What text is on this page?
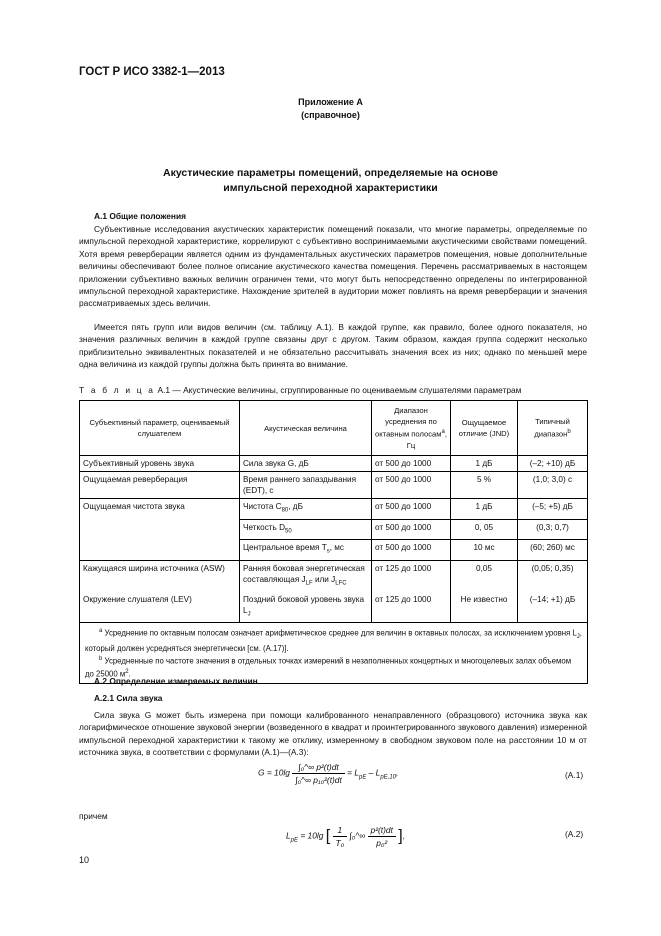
ГОСТ Р ИСО 3382-1—2013
Приложение А
(справочное)
Акустические параметры помещений, определяемые на основе
импульсной переходной характеристики
А.1 Общие положения
Субъективные исследования акустических характеристик помещений показали, что многие параметры, определяемые по импульсной переходной характеристике, коррелируют с субъективно воспринимаемыми акустическими свойствами помещений. Хотя время реверберации является одним из фундаментальных акустических параметров помещения, новые дополнительные величины обеспечивают более полное описание акустического качества помещения. Перечень рассматриваемых в настоящем приложении субъективно важных величин ограничен теми, что могут быть непосредственно определены по интегрированной импульсной переходной характеристике. Нахождение зрителей в аудитории может повлиять на время реверберации и значения рассматриваемых здесь величин.
Имеется пять групп или видов величин (см. таблицу А.1). В каждой группе, как правило, более одного показателя, но значения различных величин в каждой группе связаны друг с другом. Таким образом, каждая группа содержит несколько приблизительно эквивалентных показателей и не обязательно рассчитывать значения всех из них; однако по меньшей мере одна величина из каждой группы должна быть принята во внимание.
Т а б л и ц а А.1 — Акустические величины, сгруппированные по оцениваемым слушателями параметрам
Субъективный параметр, оцениваемый слушателем	Акустическая величина	Диапазон усреднения по октавным полосам$^а$, Гц	Ощущаемое отличие (JND)	Типичный диапазон$^b$
Субъективный уровень звука	Сила звука G, дБ	от 500 до 1000	1 дБ	(–2; +10) дБ
Ощущаемая реверберация	Время раннего запаздывания (EDT), с	от 500 до 1000	5 %	(1,0; 3,0) с
Ощущаемая чистота звука	Чистота $C_{80}$, дБ	от 500 до 1000	1 дБ	(–5; +5) дБ
	Четкость $D_{50}$	от 500 до 1000	0, 05	(0,3; 0,7)
	Центральное время $T_s$, мс	от 500 до 1000	10 мс	(60; 260) мс
Кажущаяся ширина источника (ASW)	Ранняя боковая энергетическая составляющая $J_{LF}$ или $J_{LFC}$	от 125 до 1000	0,05	(0,05; 0,35)
Окружение слушателя (LEV)	Поздний боковой уровень звука $L_J$	от 125 до 1000	Не известно	(–14; +1) дБ

$^а$ Усреднение по октавным полосам означает арифметическое среднее для величин в октавных полосах, за исключением уровня $L_J$, который должен усредняться энергетически [см. (А.17)].
$^b$ Усредненные по частоте значения в отдельных точках измерений в незаполненных концертных и многоцелевых залах объемом до 25000 $м^2$.				
А.2 Определение измеряемых величин
А.2.1 Сила звука
Сила звука G может быть измерена при помощи калиброванного ненаправленного (образцового) источника звука как логарифмическое отношение звуковой энергии (возведенного в квадрат и проинтегрированного звукового давления) измеренной импульсной переходной характеристики к такому же отклику, измеренному в свободном звуковом поле на расстоянии 10 м от источника звука, в соответствии с формулами (А.1)—(А.3):
$G = 10\lg \frac{\text{∫₀\textasciicircum{}∞ p²(t)dt}}{\text{∫₀\textasciicircum{}∞ p₁₀²(t)dt}} = L_{pE} - L_{pE,10}$,	(А.1)
причем
$L_{pE} = 10\lg$ [ $\frac{1}{\text{T₀}}$ ∫₀^∞ $\frac{\text{p²(t)dt}}{\text{p₀²}}$ ],	(А.2)
10
